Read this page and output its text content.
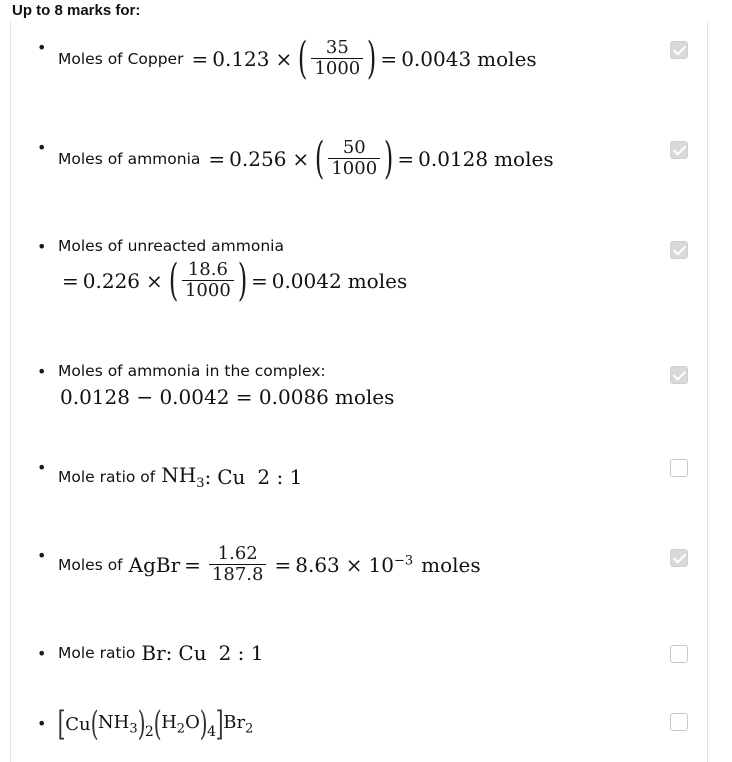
Up to 8 marks for:
•
Moles of Copper = 0.123 × ( $\frac{35}{1000}$ ) = 0.0043 moles
•
Moles of ammonia = 0.256 × ( $\frac{50}{1000}$ ) = 0.0128 moles
• Moles of unreacted ammonia
= 0.226 × ( $\frac{18.6}{1000}$ ) = 0.0042 moles
• Moles of ammonia in the complex:
0.0128 − 0.0042 = 0.0086 moles
• Mole ratio of $NH_3$ : Cu 2 : 1
• Moles of AgBr = $\frac{1.62}{187.8} = 8.63 \times 10^{-3}$ moles
• Mole ratio Br : Cu 2 : 1
• [ Cu ( $NH_3$ ) 2 ( $H_2O$ ) 4 ] $Br_2$
